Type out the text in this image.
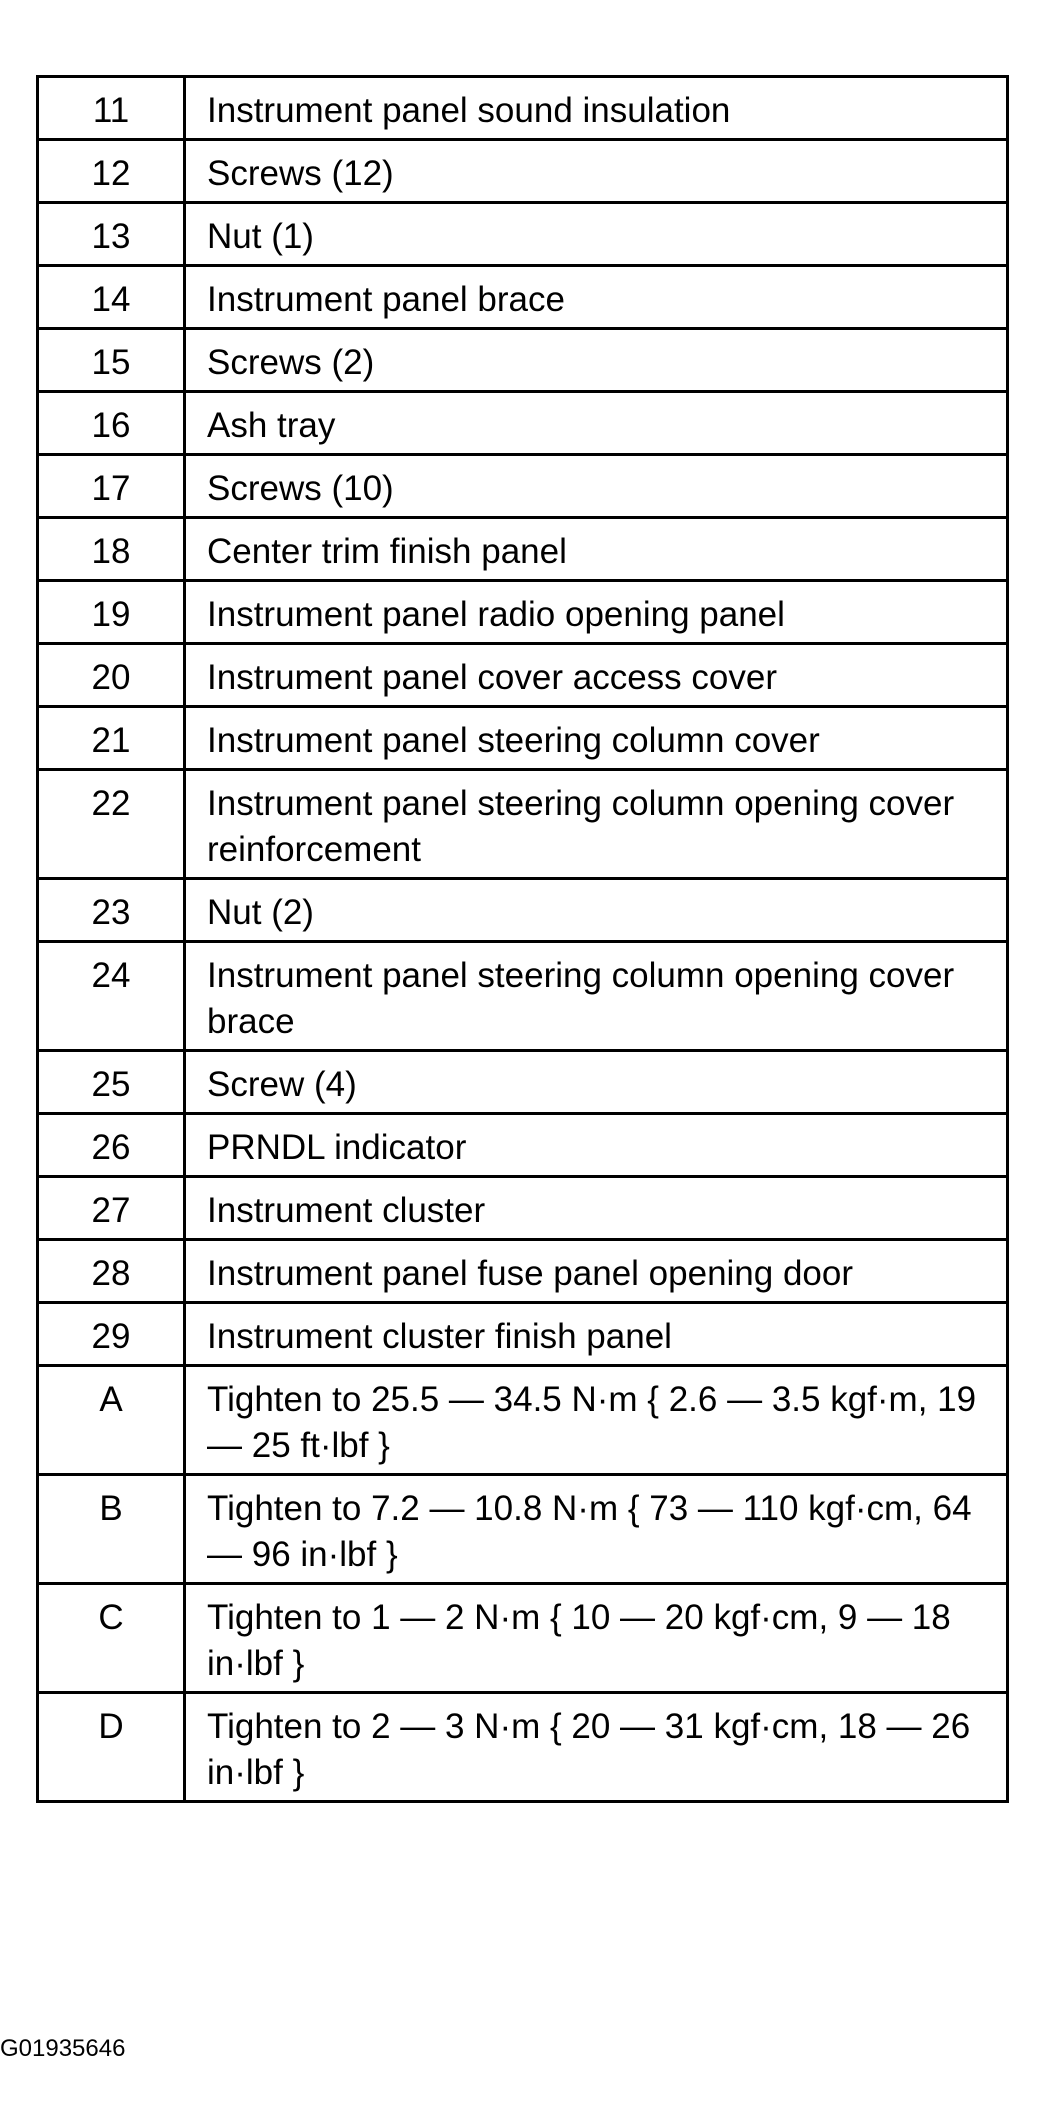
11	Instrument panel sound insulation
12	Screws (12)
13	Nut (1)
14	Instrument panel brace
15	Screws (2)
16	Ash tray
17	Screws (10)
18	Center trim finish panel
19	Instrument panel radio opening panel
20	Instrument panel cover access cover
21	Instrument panel steering column cover
22	Instrument panel steering column opening cover reinforcement
23	Nut (2)
24	Instrument panel steering column opening cover brace
25	Screw (4)
26	PRNDL indicator
27	Instrument cluster
28	Instrument panel fuse panel opening door
29	Instrument cluster finish panel
A	Tighten to 25.5 — 34.5 N·m { 2.6 — 3.5 kgf·m, 19 — 25 ft·lbf }
B	Tighten to 7.2 — 10.8 N·m { 73 — 110 kgf·cm, 64 — 96 in·lbf }
C	Tighten to 1 — 2 N·m { 10 — 20 kgf·cm, 9 — 18 in·lbf }
D	Tighten to 2 — 3 N·m { 20 — 31 kgf·cm, 18 — 26 in·lbf }
G01935646
